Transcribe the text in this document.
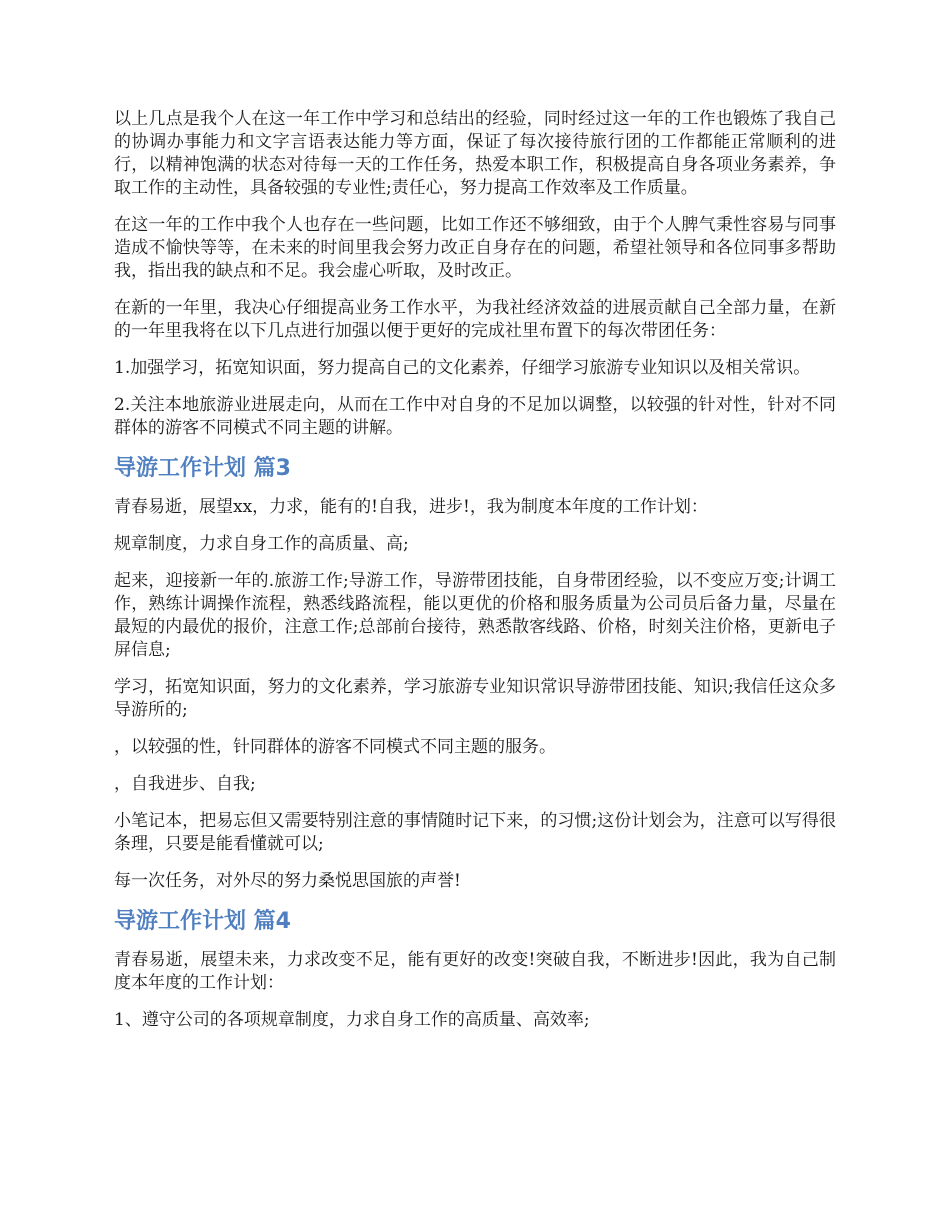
以上几点是我个人在这一年工作中学习和总结出的经验，同时经过这一年的工作也锻炼了我自己的协调办事能力和文字言语表达能力等方面，保证了每次接待旅行团的工作都能正常顺利的进行，以精神饱满的状态对待每一天的工作任务，热爱本职工作，积极提高自身各项业务素养，争取工作的主动性，具备较强的专业性;责任心，努力提高工作效率及工作质量。

在这一年的工作中我个人也存在一些问题，比如工作还不够细致，由于个人脾气秉性容易与同事造成不愉快等等，在未来的时间里我会努力改正自身存在的问题，希望社领导和各位同事多帮助我，指出我的缺点和不足。我会虚心听取，及时改正。

在新的一年里，我决心仔细提高业务工作水平，为我社经济效益的进展贡献自己全部力量，在新的一年里我将在以下几点进行加强以便于更好的完成社里布置下的每次带团任务：

1.加强学习，拓宽知识面，努力提高自己的文化素养，仔细学习旅游专业知识以及相关常识。

2.关注本地旅游业进展走向，从而在工作中对自身的不足加以调整，以较强的针对性，针对不同群体的游客不同模式不同主题的讲解。

导游工作计划 篇3

青春易逝，展望xx，力求，能有的!自我，进步!，我为制度本年度的工作计划：

规章制度，力求自身工作的高质量、高;

起来，迎接新一年的.旅游工作;导游工作，导游带团技能，自身带团经验，以不变应万变;计调工作，熟练计调操作流程，熟悉线路流程，能以更优的价格和服务质量为公司员后备力量，尽量在最短的内最优的报价，注意工作;总部前台接待，熟悉散客线路、价格，时刻关注价格，更新电子屏信息;

学习，拓宽知识面，努力的文化素养，学习旅游专业知识常识导游带团技能、知识;我信任这众多导游所的;

，以较强的性，针同群体的游客不同模式不同主题的服务。

，自我进步、自我;

小笔记本，把易忘但又需要特别注意的事情随时记下来，的习惯;这份计划会为，注意可以写得很条理，只要是能看懂就可以;

每一次任务，对外尽的努力桑悦思国旅的声誉!

导游工作计划 篇4

青春易逝，展望未来，力求改变不足，能有更好的改变!突破自我，不断进步!因此，我为自己制度本年度的工作计划：

1、遵守公司的各项规章制度，力求自身工作的高质量、高效率;
